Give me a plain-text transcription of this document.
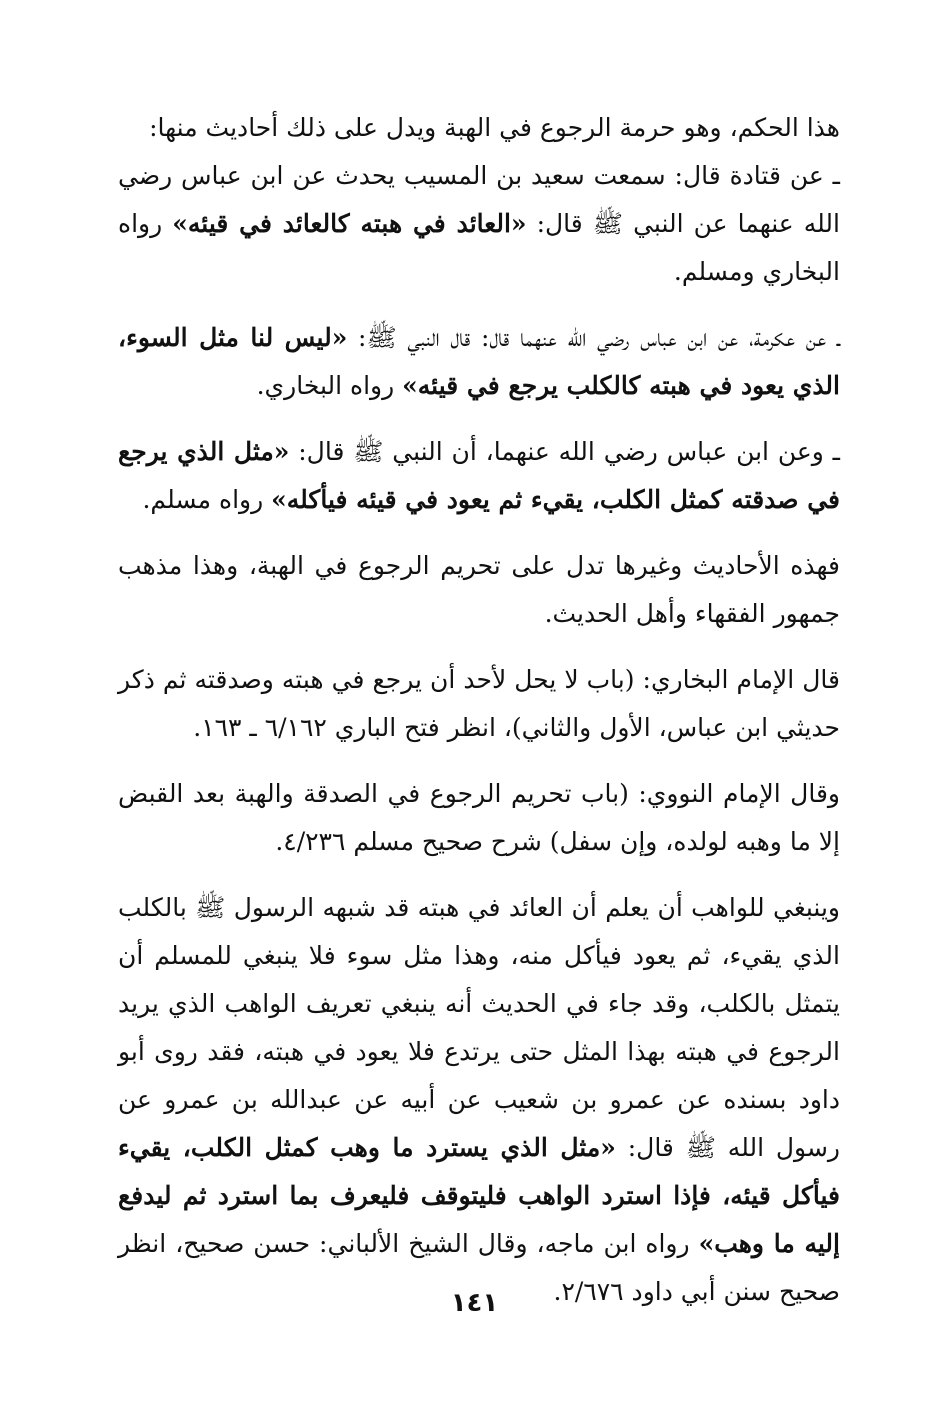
هذا الحكم، وهو حرمة الرجوع في الهبة ويدل على ذلك أحاديث منها:
ـ عن قتادة قال: سمعت سعيد بن المسيب يحدث عن ابن عباس رضي الله عنهما عن النبي ﷺ قال: «العائد في هبته كالعائد في قيئه» رواه البخاري ومسلم.

ـ عن عكرمة، عن ابن عباس رضي الله عنهما قال: قال النبي ﷺ: «ليس لنا مثل السوء، الذي يعود في هبته كالكلب يرجع في قيئه» رواه البخاري.

ـ وعن ابن عباس رضي الله عنهما، أن النبي ﷺ قال: «مثل الذي يرجع في صدقته كمثل الكلب، يقيء ثم يعود في قيئه فيأكله» رواه مسلم.

فهذه الأحاديث وغيرها تدل على تحريم الرجوع في الهبة، وهذا مذهب جمهور الفقهاء وأهل الحديث.

قال الإمام البخاري: (باب لا يحل لأحد أن يرجع في هبته وصدقته ثم ذكر حديثي ابن عباس، الأول والثاني)، انظر فتح الباري ٦/١٦٢ ـ ١٦٣.

وقال الإمام النووي: (باب تحريم الرجوع في الصدقة والهبة بعد القبض إلا ما وهبه لولده، وإن سفل) شرح صحيح مسلم ٤/٢٣٦.

وينبغي للواهب أن يعلم أن العائد في هبته قد شبهه الرسول ﷺ بالكلب الذي يقيء، ثم يعود فيأكل منه، وهذا مثل سوء فلا ينبغي للمسلم أن يتمثل بالكلب، وقد جاء في الحديث أنه ينبغي تعريف الواهب الذي يريد الرجوع في هبته بهذا المثل حتى يرتدع فلا يعود في هبته، فقد روى أبو داود بسنده عن عمرو بن شعيب عن أبيه عن عبدالله بن عمرو عن رسول الله ﷺ قال: «مثل الذي يسترد ما وهب كمثل الكلب، يقيء فيأكل قيئه، فإذا استرد الواهب فليتوقف فليعرف بما استرد ثم ليدفع إليه ما وهب» رواه ابن ماجه، وقال الشيخ الألباني: حسن صحيح، انظر صحيح سنن أبي داود ٢/٦٧٦.

١٤١
